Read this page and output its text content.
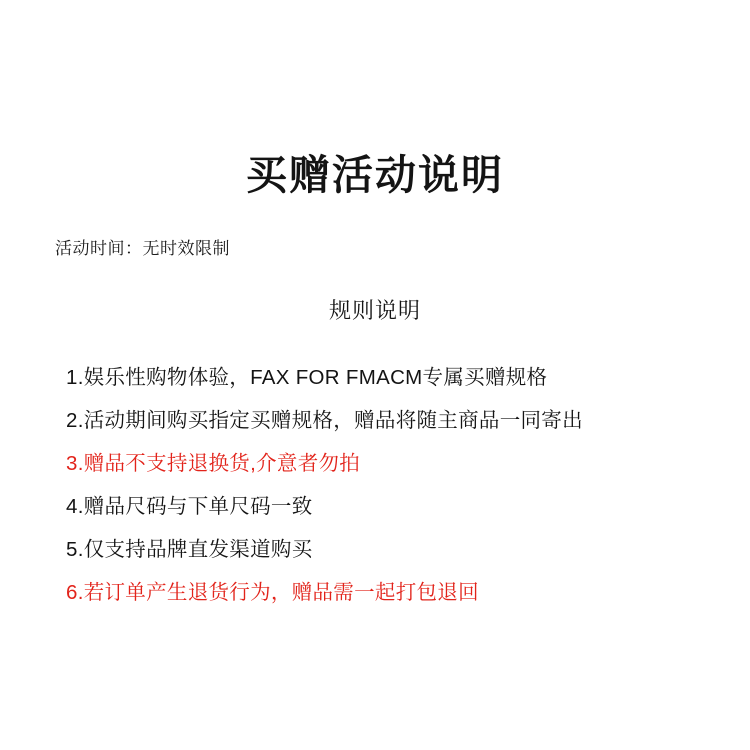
买赠活动说明
活动时间：无时效限制
规则说明
1.娱乐性购物体验，FAX FOR FMACM专属买赠规格
2.活动期间购买指定买赠规格，赠品将随主商品一同寄出
3.赠品不支持退换货,介意者勿拍
4.赠品尺码与下单尺码一致
5.仅支持品牌直发渠道购买
6.若订单产生退货行为，赠品需一起打包退回
